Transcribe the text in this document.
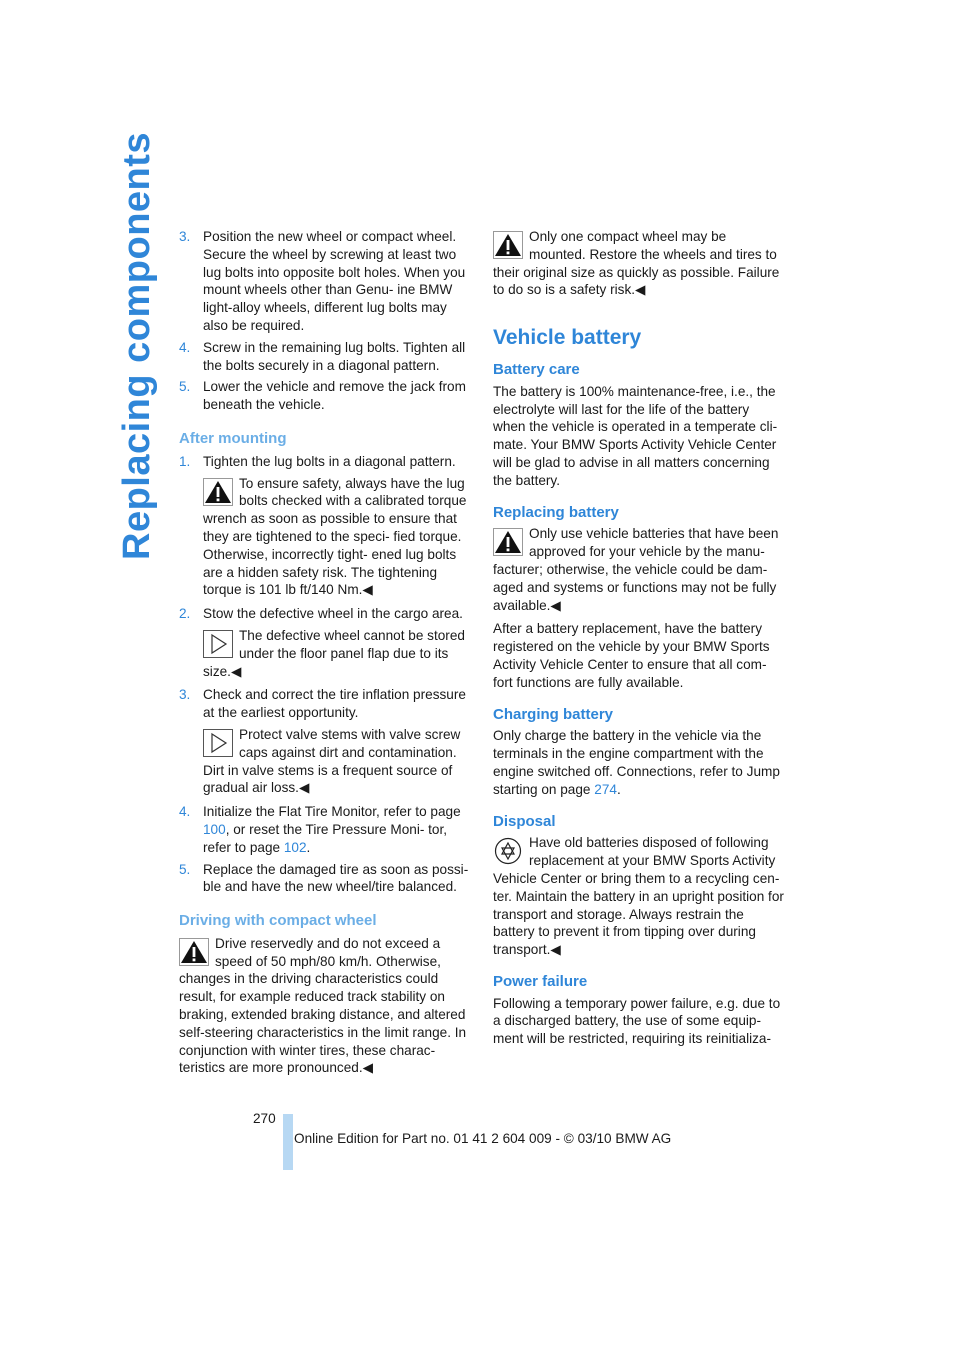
Replacing components 3. Position the new wheel or compact wheel. Secure the wheel by screwing at least two lug bolts into opposite bolt holes. When you mount wheels other than Genu- ine BMW light-alloy wheels, different lug bolts may also be required.
4. Screw in the remaining lug bolts. Tighten all the bolts securely in a diagonal pattern.
5. Lower the vehicle and remove the jack from beneath the vehicle.
After mounting
1. Tighten the lug bolts in a diagonal pattern.
To ensure safety, always have the lug bolts checked with a calibrated torque wrench as soon as possible to ensure that they are tightened to the speci- fied torque. Otherwise, incorrectly tight- ened lug bolts are a hidden safety risk. The tightening torque is 101 lb ft/140 Nm.◀
2. Stow the defective wheel in the cargo area.
The defective wheel cannot be stored under the floor panel flap due to its size.◀
3. Check and correct the tire inflation pressure at the earliest opportunity.
Protect valve stems with valve screw caps against dirt and contamination. Dirt in valve stems is a frequent source of gradual air loss.◀
4. Initialize the Flat Tire Monitor, refer to page 100, or reset the Tire Pressure Moni- tor, refer to page 102.
5. Replace the damaged tire as soon as possi- ble and have the new wheel/tire balanced.
Driving with compact wheel
Drive reservedly and do not exceed a speed of 50 mph/80 km/h. Otherwise, changes in the driving characteristics could result, for example reduced track stability on braking, extended braking distance, and altered self-steering characteristics in the limit range. In conjunction with winter tires, these charac- teristics are more pronounced.◀
Only one compact wheel may be mounted. Restore the wheels and tires to their original size as quickly as possible. Failure to do so is a safety risk.◀
Vehicle battery
Battery care

The battery is 100% maintenance-free, i.e., the electrolyte will last for the life of the battery when the vehicle is operated in a temperate cli- mate. Your BMW Sports Activity Vehicle Center will be glad to advise in all matters concerning the battery.

Replacing battery
Only use vehicle batteries that have been approved for your vehicle by the manu- facturer; otherwise, the vehicle could be dam- aged and systems or functions may not be fully available.◀

After a battery replacement, have the battery registered on the vehicle by your BMW Sports Activity Vehicle Center to ensure that all com- fort functions are fully available.

Charging battery

Only charge the battery in the vehicle via the terminals in the engine compartment with the engine switched off. Connections, refer to Jump starting on page 274.

Disposal
Have old batteries disposed of following replacement at your BMW Sports Activity Vehicle Center or bring them to a recycling cen- ter. Maintain the battery in an upright position for transport and storage. Always restrain the battery to prevent it from tipping over during transport.◀
Power failure

Following a temporary power failure, e.g. due to a discharged battery, the use of some equip- ment will be restricted, requiring its reinitializa-

270
Online Edition for Part no. 01 41 2 604 009 - © 03/10 BMW AG
